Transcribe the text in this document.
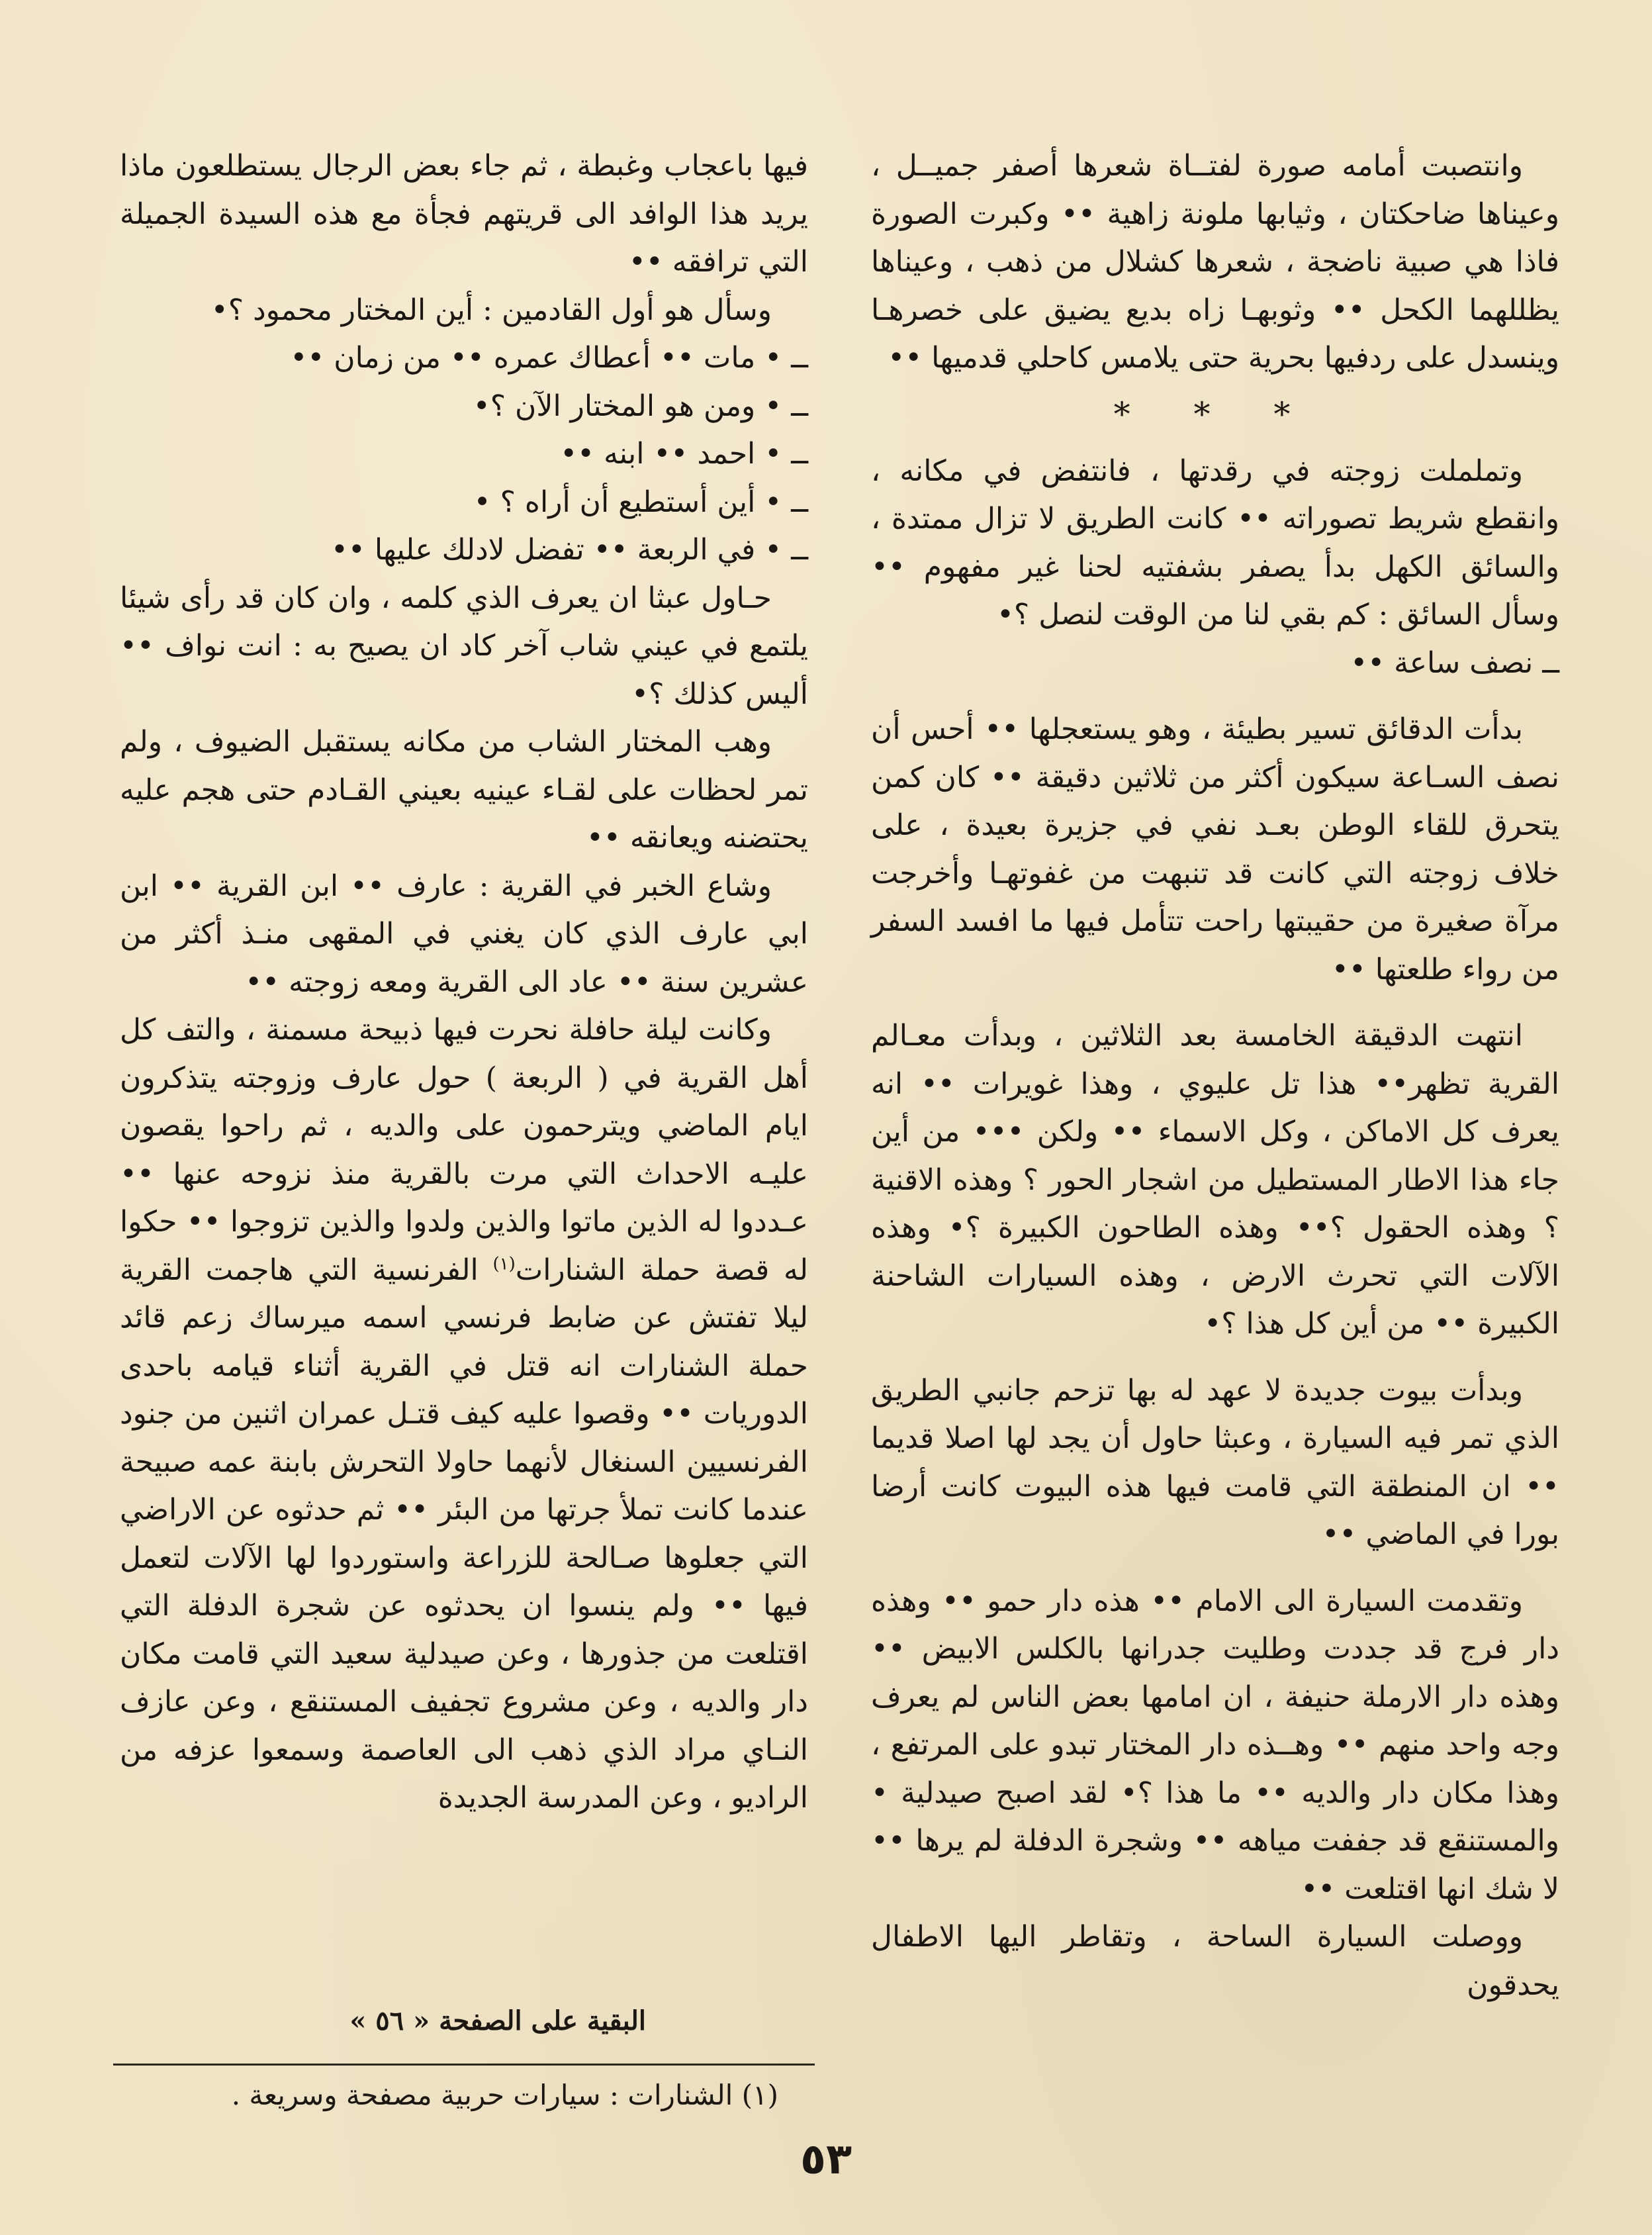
وانتصبت أمامه صورة لفتــاة شعرها أصفر جميــل ، وعيناها ضاحكتان ، وثيابها ملونة زاهية •• وكبرت الصورة فاذا هي صبية ناضجة ، شعرها كشلال من ذهب ، وعيناها يظللهما الكحل •• وثوبهـا زاه بديع يضيق على خصرهـا وينسدل على ردفيها بحرية حتى يلامس كاحلي قدميها ••

* * *

وتململت زوجته في رقدتها ، فانتفض في مكانه ، وانقطع شريط تصوراته •• كانت الطريق لا تزال ممتدة ، والسائق الكهل بدأ يصفر بشفتيه لحنا غير مفهوم •• وسأل السائق : كم بقي لنا من الوقت لنصل ؟•

ــ نصف ساعة ••

بدأت الدقائق تسير بطيئة ، وهو يستعجلها •• أحس أن نصف السـاعة سيكون أكثر من ثلاثين دقيقة •• كان كمن يتحرق للقاء الوطن بعـد نفي في جزيرة بعيدة ، على خلاف زوجته التي كانت قد تنبهت من غفوتهـا وأخرجت مرآة صغيرة من حقيبتها راحت تتأمل فيها ما افسد السفر من رواء طلعتها ••

انتهت الدقيقة الخامسة بعد الثلاثين ، وبدأت معـالم القرية تظهر•• هذا تل عليوي ، وهذا غويرات •• انه يعرف كل الاماكن ، وكل الاسماء •• ولكن ••• من أين جاء هذا الاطار المستطيل من اشجار الحور ؟ وهذه الاقنية ؟ وهذه الحقول ؟•• وهذه الطاحون الكبيرة ؟• وهذه الآلات التي تحرث الارض ، وهذه السيارات الشاحنة الكبيرة •• من أين كل هذا ؟•

وبدأت بيوت جديدة لا عهد له بها تزحم جانبي الطريق الذي تمر فيه السيارة ، وعبثا حاول أن يجد لها اصلا قديما •• ان المنطقة التي قامت فيها هذه البيوت كانت أرضا بورا في الماضي ••

وتقدمت السيارة الى الامام •• هذه دار حمو •• وهذه دار فرج قد جددت وطليت جدرانها بالكلس الابيض •• وهذه دار الارملة حنيفة ، ان امامها بعض الناس لم يعرف وجه واحد منهم •• وهــذه دار المختار تبدو على المرتفع ، وهذا مكان دار والديه •• ما هذا ؟• لقد اصبح صيدلية • والمستنقع قد جففت مياهه •• وشجرة الدفلة لم يرها •• لا شك انها اقتلعت ••

ووصلت السيارة الساحة ، وتقاطر اليها الاطفال يحدقون

فيها باعجاب وغبطة ، ثم جاء بعض الرجال يستطلعون ماذا يريد هذا الوافد الى قريتهم فجأة مع هذه السيدة الجميلة التي ترافقه ••

وسأل هو أول القادمين : أين المختار محمود ؟•

ــ • مات •• أعطاك عمره •• من زمان ••

ــ • ومن هو المختار الآن ؟•

ــ • احمد •• ابنه ••

ــ • أين أستطيع أن أراه ؟ •

ــ • في الربعة •• تفضل لادلك عليها ••

حـاول عبثا ان يعرف الذي كلمه ، وان كان قد رأى شيئا يلتمع في عيني شاب آخر كاد ان يصيح به : انت نواف •• أليس كذلك ؟•

وهب المختار الشاب من مكانه يستقبل الضيوف ، ولم تمر لحظات على لقـاء عينيه بعيني القـادم حتى هجم عليه يحتضنه ويعانقه ••

وشاع الخبر في القرية : عارف •• ابن القرية •• ابن ابي عارف الذي كان يغني في المقهى منـذ أكثر من عشرين سنة •• عاد الى القرية ومعه زوجته ••

وكانت ليلة حافلة نحرت فيها ذبيحة مسمنة ، والتف كل أهل القرية في ( الربعة ) حول عارف وزوجته يتذكرون ايام الماضي ويترحمون على والديه ، ثم راحوا يقصون عليـه الاحداث التي مرت بالقرية منذ نزوحه عنها •• عـددوا له الذين ماتوا والذين ولدوا والذين تزوجوا •• حكوا له قصة حملة الشنارات$^{(١)}$ الفرنسية التي هاجمت القرية ليلا تفتش عن ضابط فرنسي اسمه ميرساك زعم قائد حملة الشنارات انه قتل في القرية أثناء قيامه باحدى الدوريات •• وقصوا عليه كيف قتـل عمران اثنين من جنود الفرنسيين السنغال لأنهما حاولا التحرش بابنة عمه صبيحة عندما كانت تملأ جرتها من البئر •• ثم حدثوه عن الاراضي التي جعلوها صـالحة للزراعة واستوردوا لها الآلات لتعمل فيها •• ولم ينسوا ان يحدثوه عن شجرة الدفلة التي اقتلعت من جذورها ، وعن صيدلية سعيد التي قامت مكان دار والديه ، وعن مشروع تجفيف المستنقع ، وعن عازف النـاي مراد الذي ذهب الى العاصمة وسمعوا عزفه من الراديو ، وعن المدرسة الجديدة

البقية على الصفحة « ٥٦ »
(١) الشنارات : سيارات حربية مصفحة وسريعة .
٥٣
